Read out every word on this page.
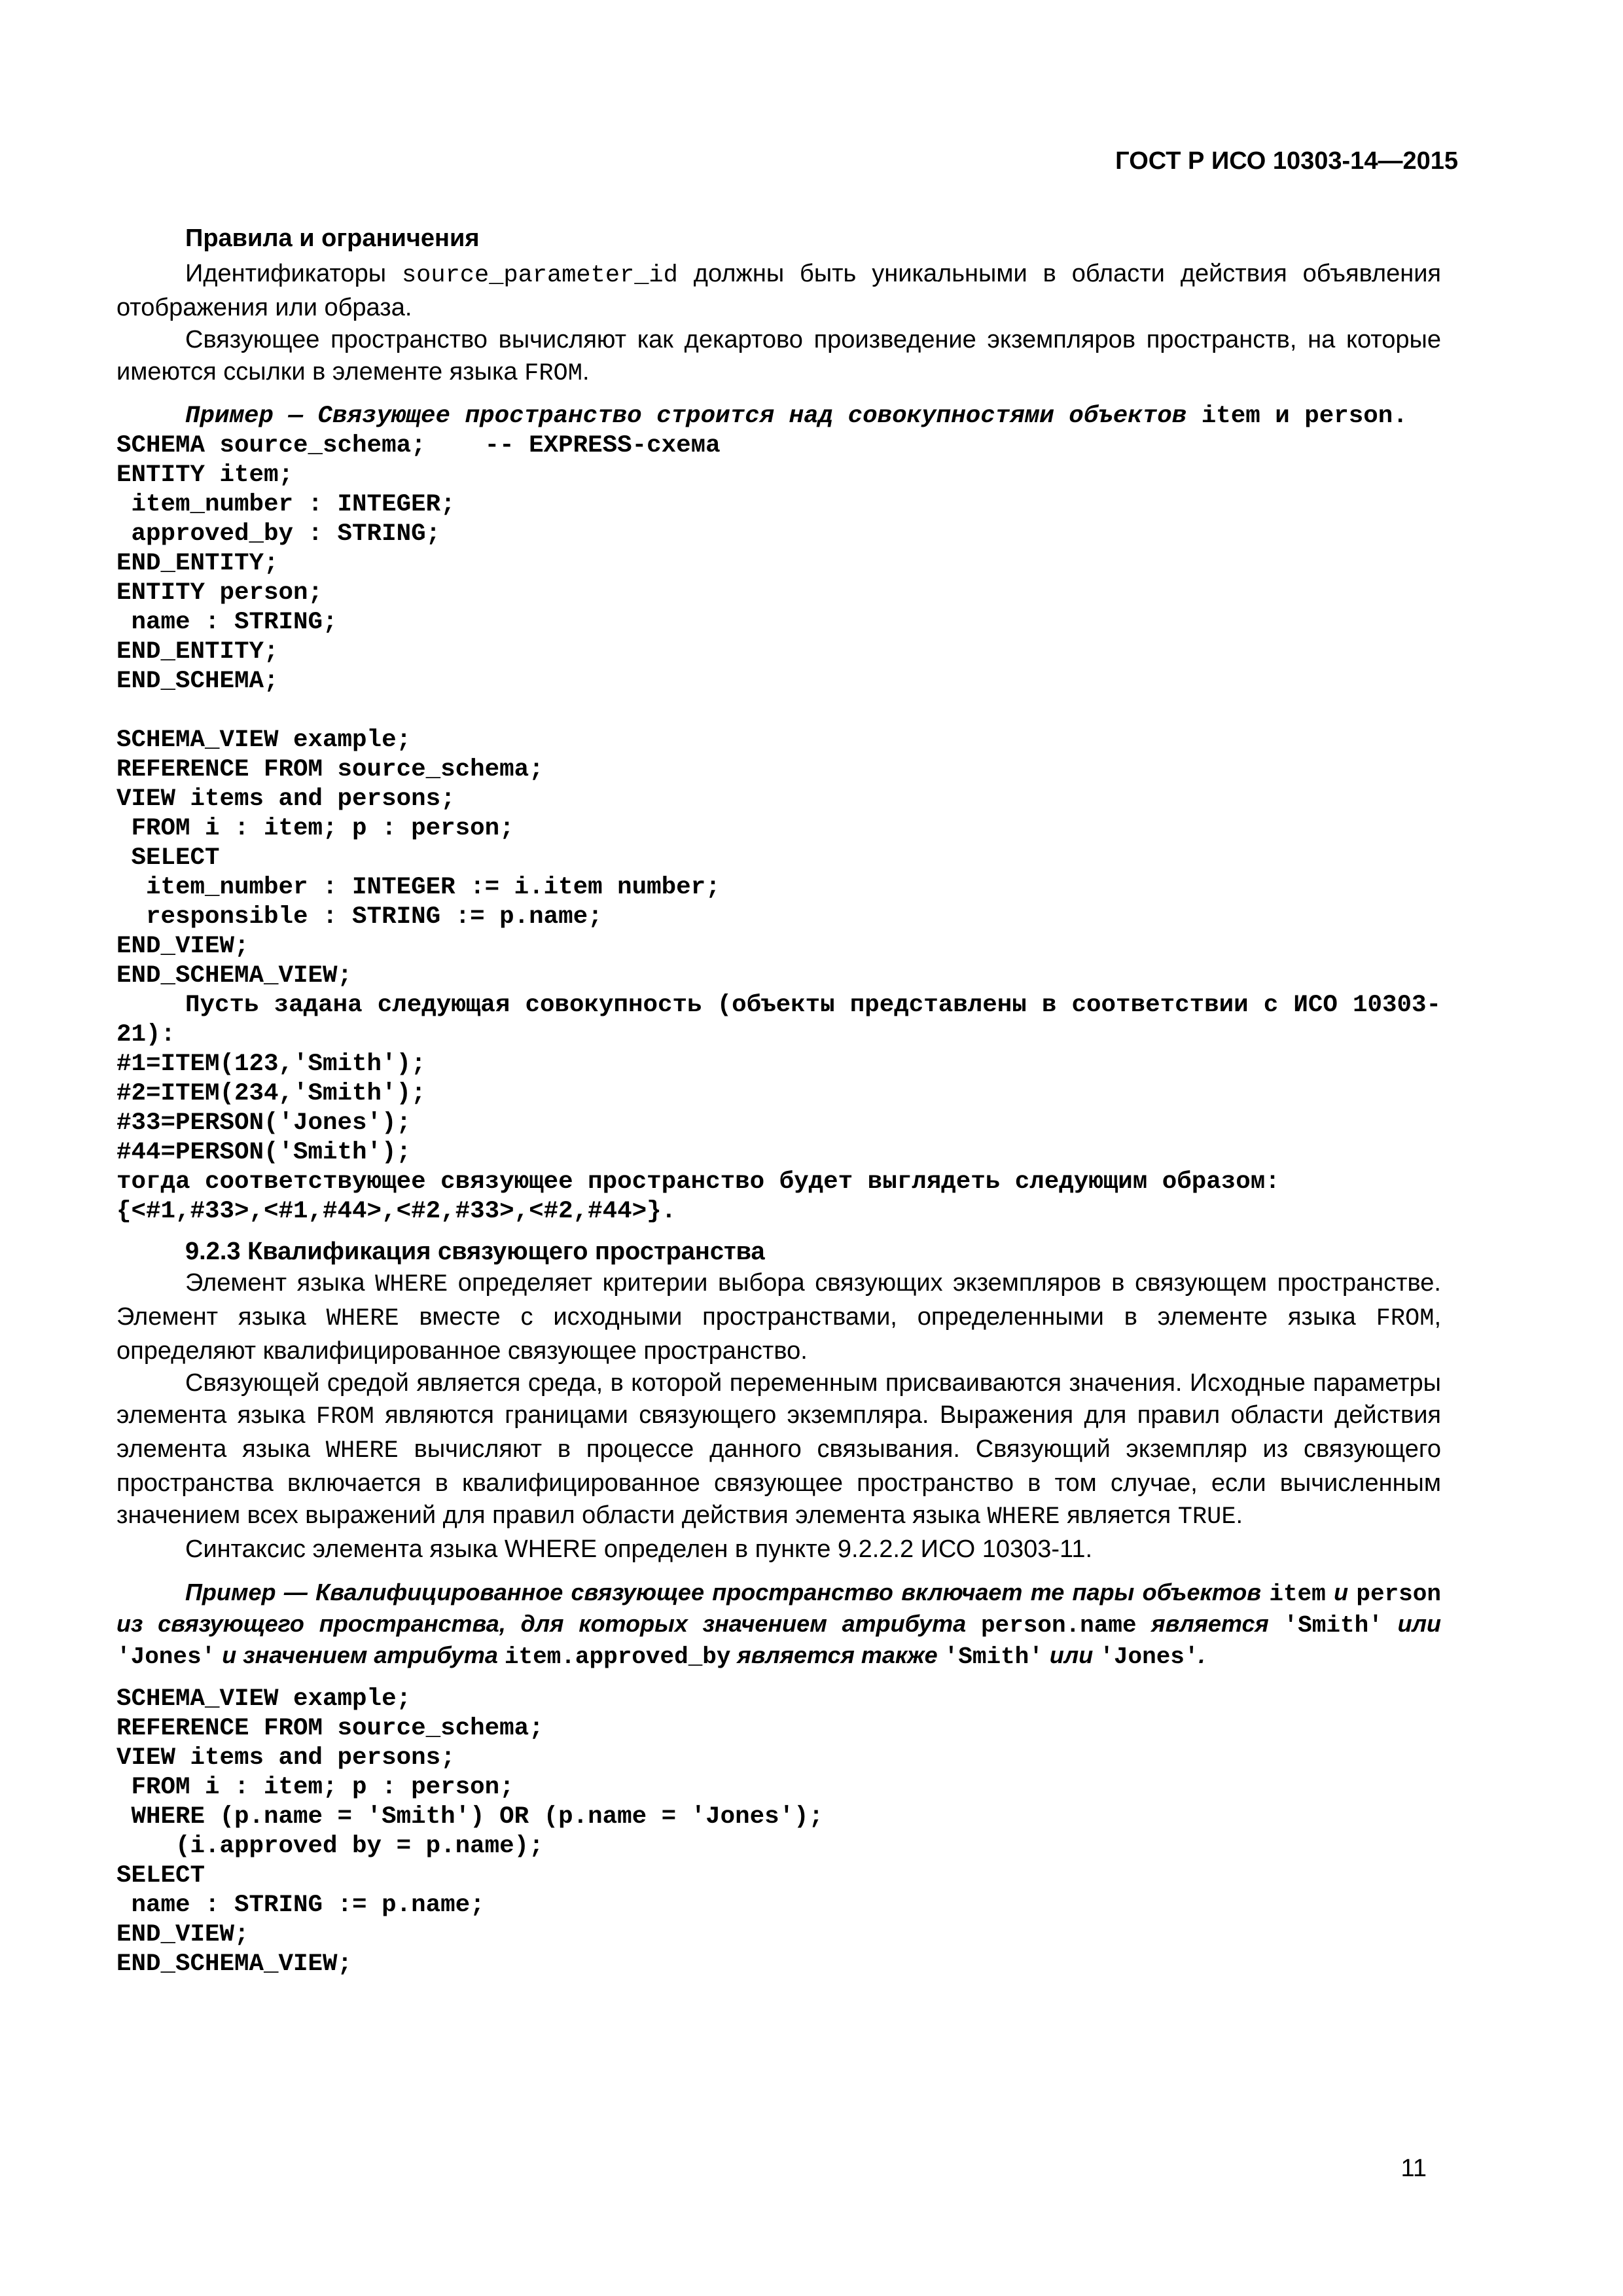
ГОСТ Р ИСО 10303-14—2015

Правила и ограничения

Идентификаторы source_parameter_id должны быть уникальными в области действия объявления отображения или образа.

Связующее пространство вычисляют как декартово произведение экземпляров пространств, на которые имеются ссылки в элементе языка FROM.

Пример — Связующее пространство строится над совокупностями объектов item и person.

SCHEMA source_schema;    -- EXPRESS-схема
ENTITY item;
item_number : INTEGER;
approved_by : STRING;
END_ENTITY;
ENTITY person;
name : STRING;
END_ENTITY;
END_SCHEMA;
SCHEMA_VIEW example;
REFERENCE FROM source_schema;
VIEW items and persons;
FROM i : item; p : person;
SELECT
item_number : INTEGER := i.item number;
responsible : STRING := p.name;
END_VIEW;
END_SCHEMA_VIEW;

Пусть задана следующая совокупность (объекты представлены в соответствии с ИСО 10303-21):

#1=ITEM(123,'Smith');
#2=ITEM(234,'Smith');
#33=PERSON('Jones');
#44=PERSON('Smith');

тогда соответствующее связующее пространство будет выглядеть следующим образом:

{<#1,#33>,<#1,#44>,<#2,#33>,<#2,#44>}.

9.2.3 Квалификация связующего пространства

Элемент языка WHERE определяет критерии выбора связующих экземпляров в связующем пространстве. Элемент языка WHERE вместе с исходными пространствами, определенными в элементе языка FROM, определяют квалифицированное связующее пространство.

Связующей средой является среда, в которой переменным присваиваются значения. Исходные параметры элемента языка FROM являются границами связующего экземпляра. Выражения для правил области действия элемента языка WHERE вычисляют в процессе данного связывания. Связующий экземпляр из связующего пространства включается в квалифицированное связующее пространство в том случае, если вычисленным значением всех выражений для правил области действия элемента языка WHERE является TRUE.

Синтаксис элемента языка WHERE определен в пункте 9.2.2.2 ИСО 10303-11.

Пример — Квалифицированное связующее пространство включает те пары объектов item и person из связующего пространства, для которых значением атрибута person.name является 'Smith' или 'Jones' и значением атрибута item.approved_by является также 'Smith' или 'Jones'.

SCHEMA_VIEW example;
REFERENCE FROM source_schema;
VIEW items and persons;
FROM i : item; p : person;
WHERE (p.name = 'Smith') OR (p.name = 'Jones');
(i.approved by = p.name);
SELECT
name : STRING := p.name;
END_VIEW;
END_SCHEMA_VIEW;

11
